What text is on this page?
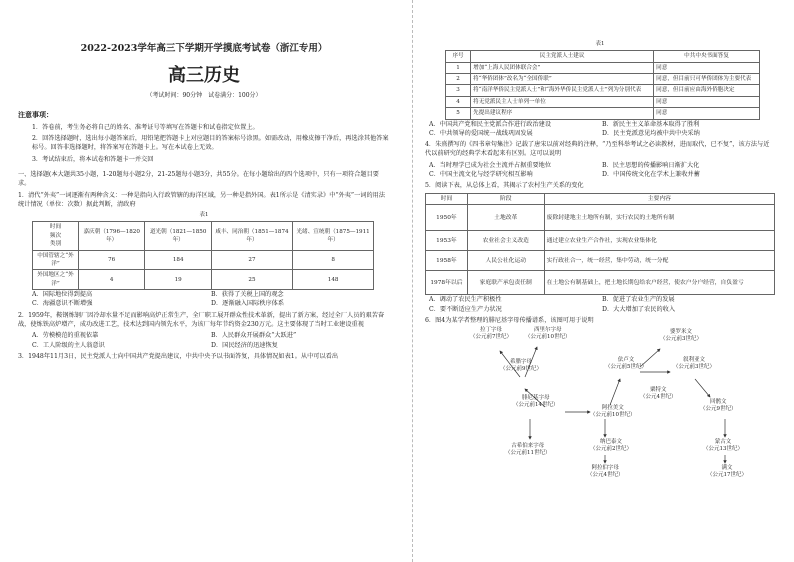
2022-2023学年高三下学期开学摸底考试卷（浙江专用）
高三历史
（考试时间：90分钟　试卷满分：100分）
注意事项：

1．答卷前，考生务必将自己的姓名、准考证号等填写在答题卡和试卷指定位置上。

2．回答选择题时，选出每小题答案后，用铅笔把答题卡上对应题目的答案标号涂黑。如需改动，用橡皮擦干净后，再选涂其他答案标号。回答非选择题时，将答案写在答题卡上。写在本试卷上无效。

3．考试结束后，将本试卷和答题卡一并交回

一、选择题(本大题共35小题，1-20题每小题2分，21-25题每小题3分，共55分。在每小题给出的四个选项中，只有一项符合题目要求。

1．清代“外夷”一词逐渐有两种含义：一种是指向入行政管辖的海洋区域，另一种是指外国。表1所示是《清实录》中“外夷”一词的用法统计情况（单位：次数）据此判断，清政府

表1
时间
频次
类别	嘉庆朝（1796—1820年）	道光朝（1821—1850年）	咸丰、同治朝（1851—1874年）	光绪、宣统朝（1875—1911年）
中国管辖之“外洋”	76	184	27	8
外国地区之“外洋”	4	19	25	148
A．国际地位得到提高	B．获得了关税上国的观念
C．海疆意识不断增强	D．逐渐融入国际秩序体系

2．1959年，鞍钢炼钢厂因冷却水量不足而影响高炉正常生产，全厂职工展开群众性技术革新，提出了新方案，经过全厂人员的艰苦奋战，使炼铁高炉增产，成功改进工艺，技术达到国内领先水平，为该厂每年节约资金230万元。这主要体现了当时工业建设重视

A．劳模模范的重视依靠	B．人民群众开展群众“大跃进”
C．工人阶级的主人翁意识	D．国民经济的迅速恢复

3．1948年11月3日，民主党派人士向中国共产党提出建议，中共中央予以书面答复，具体情况如表1。从中可以看出

表1
序号	民主党派人士建议	中共中央书面答复
1	增加“上海人民团体联合会”	同意
2	将“华侨团体”改名为“全国侨联”	同意，但目前只可华侨团体为主要代表
3	将“南洋华侨民主党派人士”和“海外华侨民主党派人士”列为分别代表	同意，但目前应由海外侨胞决定
4	将无党派民主人士单列一单位	同意
5	先提出建议程序	同意
A．中国共产党和民主党派合作进行政治建设	B．新民主主义革命基本取得了胜利
C．中共领导的爱国统一战线巩固发展	D．民主党派意见均被中共中央采纳

4．朱熹撰写的《四书章句集注》记载了唐宋以前对经典的注释，“乃至科举考试之必读教材，进而取代，已不复”，该方法与近代以前研究的经典学术看起来有区别。这可以说明

A．当时理学已成为社会主流并占据重要地位	B．民主思想的传播影响日渐扩大化
C．中国主流文化与经学研究相互影响	D．中国传统文化在学术上兼收并蓄

5．阅读下表，从总体上看，其揭示了农村生产关系的变化

时间	阶段	主要内容
1950年	土地改革	废除封建地主土地所有制，实行农民的土地所有制
1953年	农业社会主义改造	通过建立农业生产合作社，实现农业集体化
1958年	人民公社化运动	实行政社合一，统一经营，集中劳动，统一分配
1978年以后	家庭联产承包责任制	在土地公有制基础上，把土地长期包给农户经营，使农户分户经营，自负盈亏
A．调动了农民生产积极性	B．促进了农业生产的发展
C．要不断适应生产力状况	D．大大增加了农民的收入

6．图4为某学者整理的腓尼基字母传播谱系，该图可用于说明

拉丁字母
（公元前7世纪）
西里尔字母
（公元前10世纪）
希腊字母
（公元前9世纪）
腓尼基字母
（公元前14世纪）
古希伯来字母
（公元前11世纪）
阿拉美文
（公元前10世纪）
纳巴泰文
（公元前2世纪）
阿拉伯字母
（公元4世纪）
佉卢文
（公元前5世纪）
婆罗米文
（公元前3世纪）
叙利亚文
（公元前3世纪）
回鹘文
（公元9世纪）
蒙古文
（公元13世纪）
满文
（公元17世纪）
粟特文
（公元4世纪）
